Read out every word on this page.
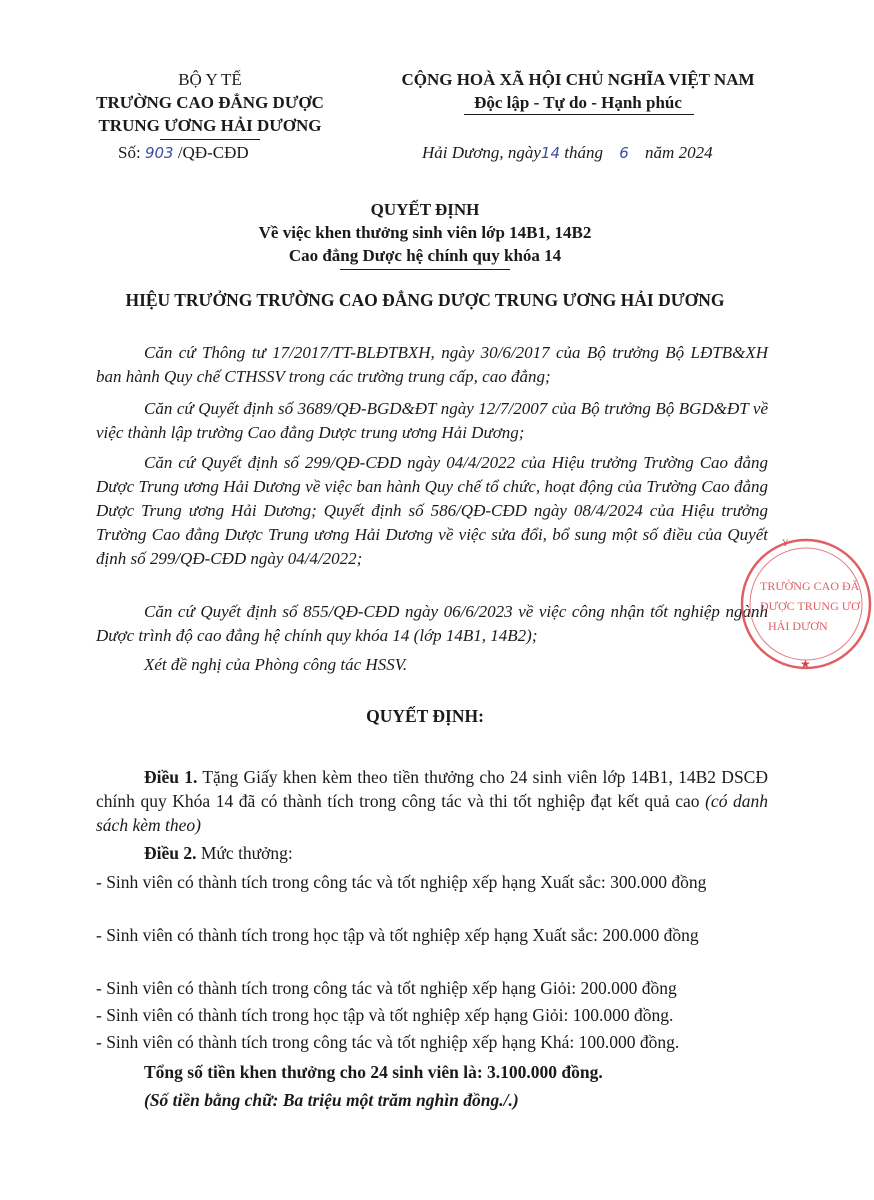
BỘ Y TẾ
TRƯỜNG CAO ĐẲNG DƯỢC
TRUNG ƯƠNG HẢI DƯƠNG
Số: 903 /QĐ-CĐD
CỘNG HOÀ XÃ HỘI CHỦ NGHĨA VIỆT NAM
Độc lập - Tự do - Hạnh phúc
Hải Dương, ngày14 tháng 6 năm 2024
QUYẾT ĐỊNH
Về việc khen thưởng sinh viên lớp 14B1, 14B2
Cao đẳng Dược hệ chính quy khóa 14
HIỆU TRƯỞNG TRƯỜNG CAO ĐẲNG DƯỢC TRUNG ƯƠNG HẢI DƯƠNG
Căn cứ Thông tư 17/2017/TT-BLĐTBXH, ngày 30/6/2017 của Bộ trưởng Bộ LĐTB&XH ban hành Quy chế CTHSSV trong các trường trung cấp, cao đẳng;
Căn cứ Quyết định số 3689/QĐ-BGD&ĐT ngày 12/7/2007 của Bộ trưởng Bộ BGD&ĐT về việc thành lập trường Cao đẳng Dược trung ương Hải Dương;
Căn cứ Quyết định số 299/QĐ-CĐD ngày 04/4/2022 của Hiệu trưởng Trường Cao đẳng Dược Trung ương Hải Dương về việc ban hành Quy chế tổ chức, hoạt động của Trường Cao đẳng Dược Trung ương Hải Dương; Quyết định số 586/QĐ-CĐD ngày 08/4/2024 của Hiệu trưởng Trường Cao đẳng Dược Trung ương Hải Dương về việc sửa đổi, bổ sung một số điều của Quyết định số 299/QĐ-CĐD ngày 04/4/2022;
Căn cứ Quyết định số 855/QĐ-CĐD ngày 06/6/2023 về việc công nhận tốt nghiệp ngành Dược trình độ cao đẳng hệ chính quy khóa 14 (lớp 14B1, 14B2);
Xét đề nghị của Phòng công tác HSSV.
QUYẾT ĐỊNH:
Điều 1. Tặng Giấy khen kèm theo tiền thưởng cho 24 sinh viên lớp 14B1, 14B2 DSCĐ chính quy Khóa 14 đã có thành tích trong công tác và thi tốt nghiệp đạt kết quả cao (có danh sách kèm theo)
Điều 2. Mức thưởng:
- Sinh viên có thành tích trong công tác và tốt nghiệp xếp hạng Xuất sắc: 300.000 đồng
- Sinh viên có thành tích trong học tập và tốt nghiệp xếp hạng Xuất sắc: 200.000 đồng
- Sinh viên có thành tích trong công tác và tốt nghiệp xếp hạng Giỏi: 200.000 đồng
- Sinh viên có thành tích trong học tập và tốt nghiệp xếp hạng Giỏi: 100.000 đồng.
- Sinh viên có thành tích trong công tác và tốt nghiệp xếp hạng Khá: 100.000 đồng.
Tổng số tiền khen thưởng cho 24 sinh viên là: 3.100.000 đồng.
(Số tiền bằng chữ: Ba triệu một trăm nghìn đồng./.)
Y
★
TRƯỜNG CAO ĐẲ
DƯỢC TRUNG ƯƠ
HẢI DƯƠN
